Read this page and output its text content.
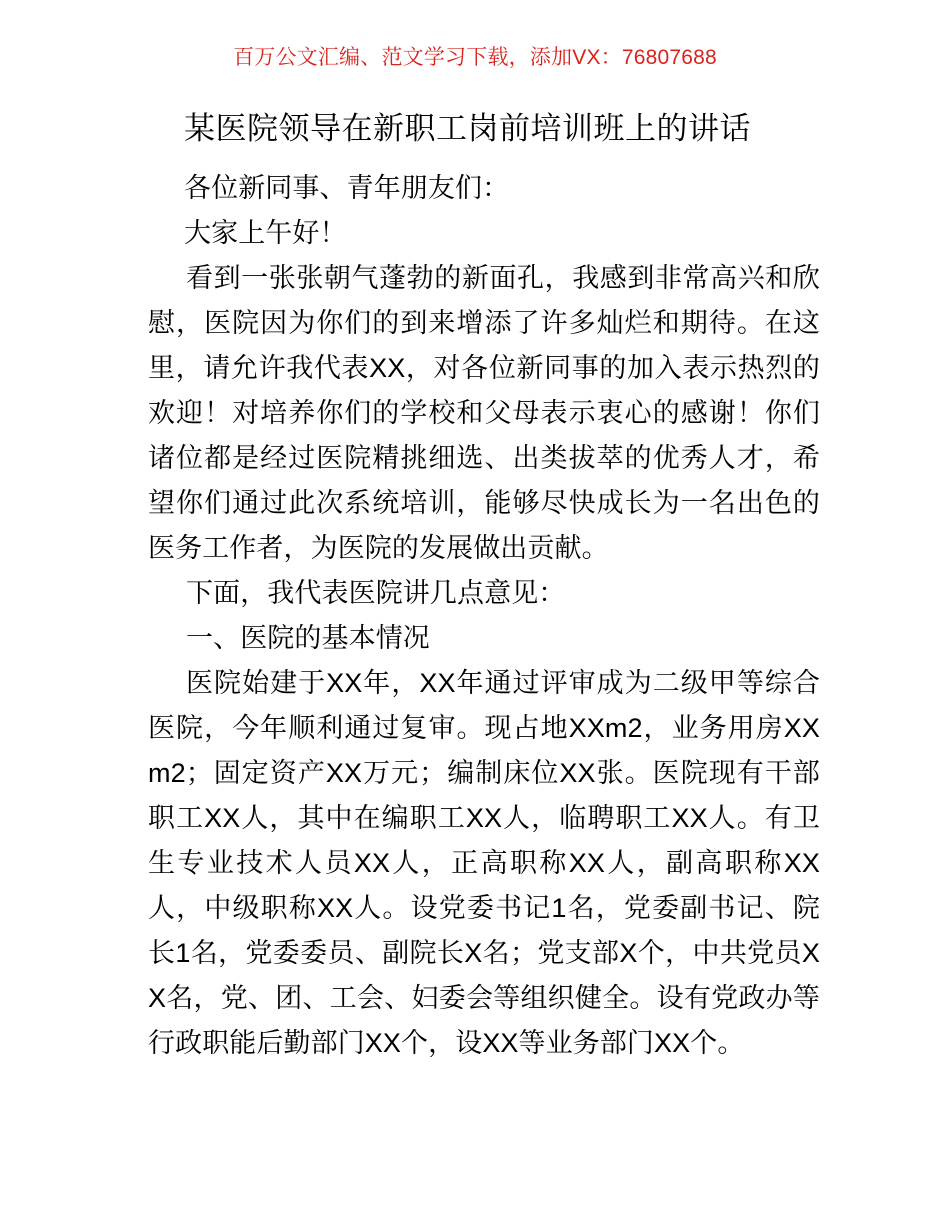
百万公文汇编、范文学习下载，添加VX：76807688
某医院领导在新职工岗前培训班上的讲话

各位新同事、青年朋友们：

大家上午好！

看到一张张朝气蓬勃的新面孔，我感到非常高兴和欣慰，医院因为你们的到来增添了许多灿烂和期待。在这里，请允许我代表XX，对各位新同事的加入表示热烈的欢迎！对培养你们的学校和父母表示衷心的感谢！你们诸位都是经过医院精挑细选、出类拔萃的优秀人才，希望你们通过此次系统培训，能够尽快成长为一名出色的医务工作者，为医院的发展做出贡献。

下面，我代表医院讲几点意见：

一、医院的基本情况

医院始建于XX年，XX年通过评审成为二级甲等综合医院，今年顺利通过复审。现占地XXm2，业务用房XXm2；固定资产XX万元；编制床位XX张。医院现有干部职工XX人，其中在编职工XX人，临聘职工XX人。有卫生专业技术人员XX人，正高职称XX人，副高职称XX人，中级职称XX人。设党委书记1名，党委副书记、院长1名，党委委员、副院长X名；党支部X个，中共党员XX名，党、团、工会、妇委会等组织健全。设有党政办等行政职能后勤部门XX个，设XX等业务部门XX个。
